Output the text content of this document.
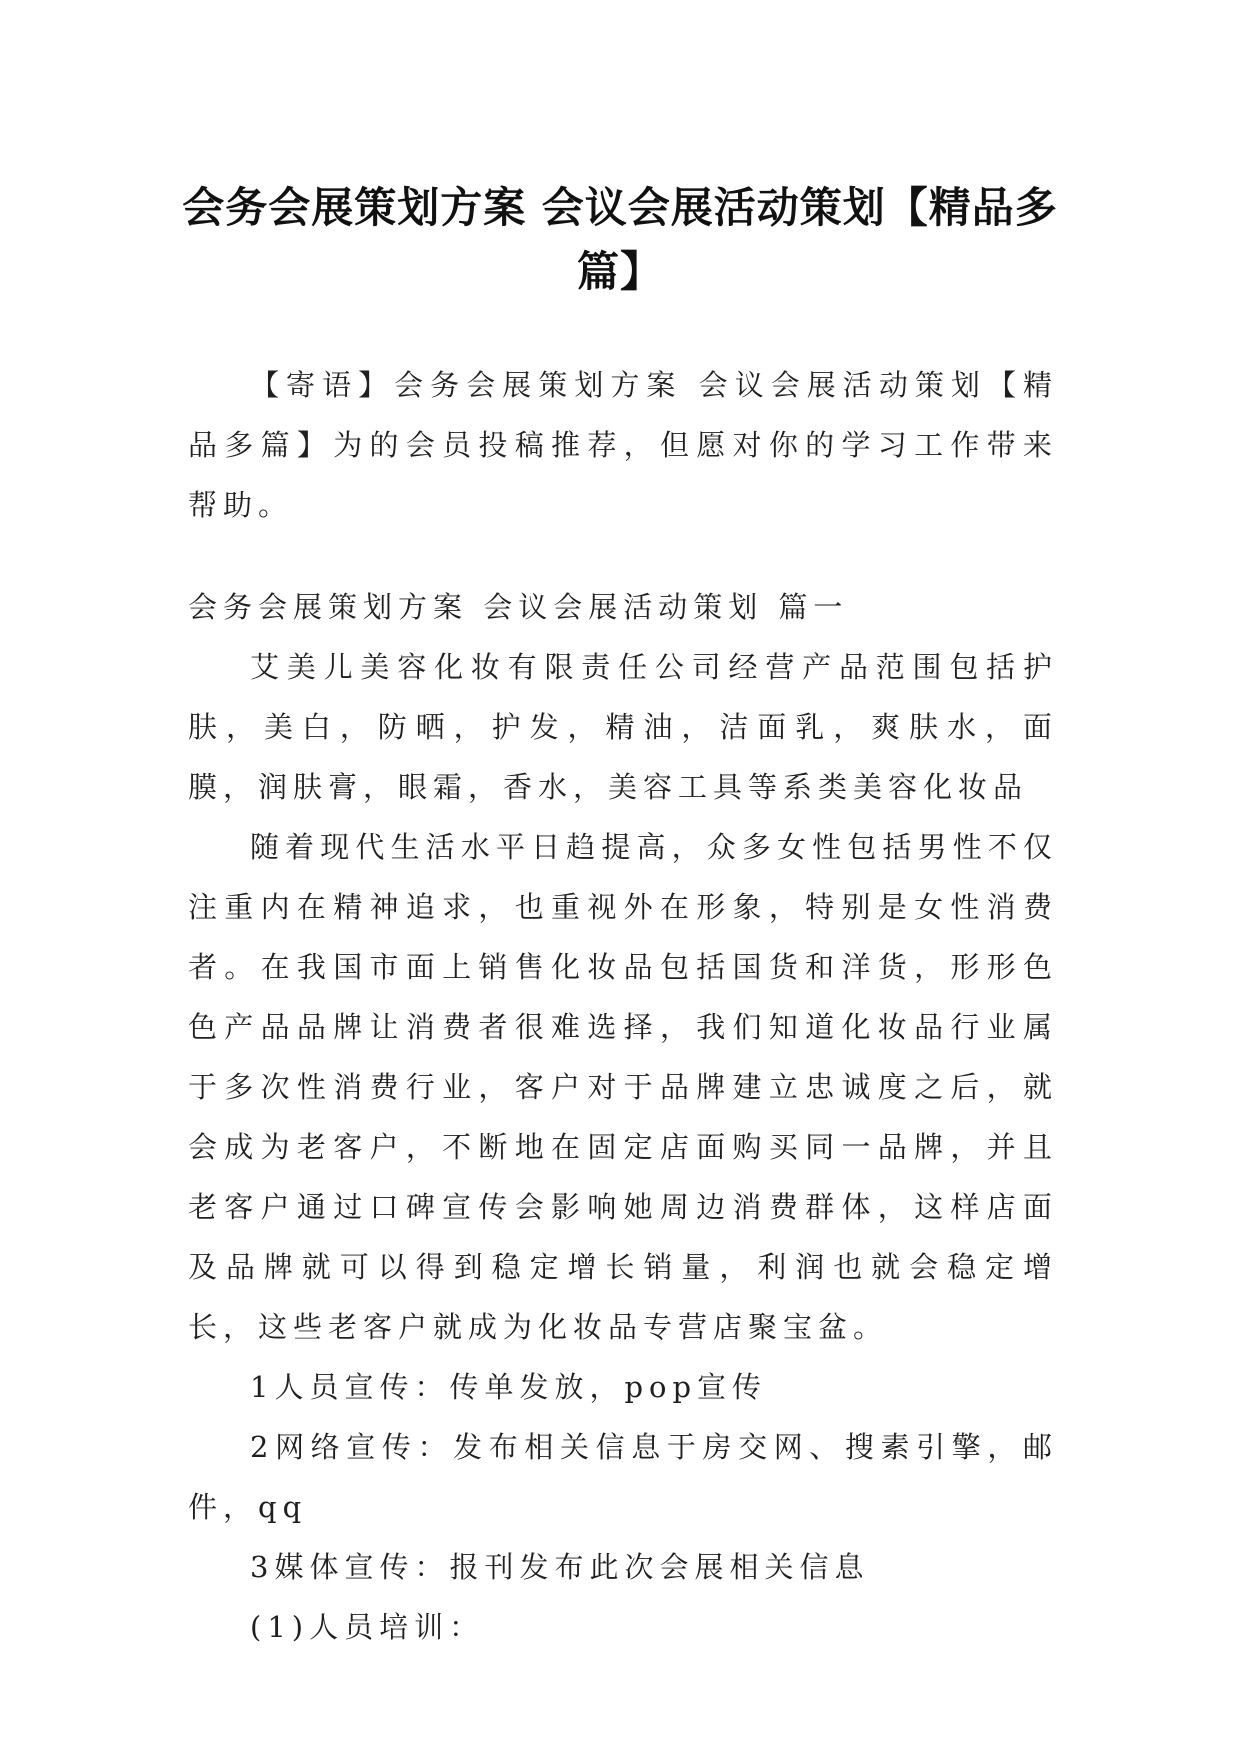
会务会展策划方案 会议会展活动策划【精品多篇】

【寄语】会务会展策划方案 会议会展活动策划【精品多篇】为的会员投稿推荐，但愿对你的学习工作带来帮助。

会务会展策划方案 会议会展活动策划 篇一

艾美儿美容化妆有限责任公司经营产品范围包括护肤，美白，防晒，护发，精油，洁面乳，爽肤水，面膜，润肤膏，眼霜，香水，美容工具等系类美容化妆品

随着现代生活水平日趋提高，众多女性包括男性不仅注重内在精神追求，也重视外在形象，特别是女性消费者。在我国市面上销售化妆品包括国货和洋货，形形色色产品品牌让消费者很难选择，我们知道化妆品行业属于多次性消费行业，客户对于品牌建立忠诚度之后，就会成为老客户，不断地在固定店面购买同一品牌，并且老客户通过口碑宣传会影响她周边消费群体，这样店面及品牌就可以得到稳定增长销量，利润也就会稳定增长，这些老客户就成为化妆品专营店聚宝盆。

1人员宣传：传单发放，pop宣传

2网络宣传：发布相关信息于房交网、搜素引擎，邮件，qq

3媒体宣传：报刊发布此次会展相关信息

(1)人员培训：
